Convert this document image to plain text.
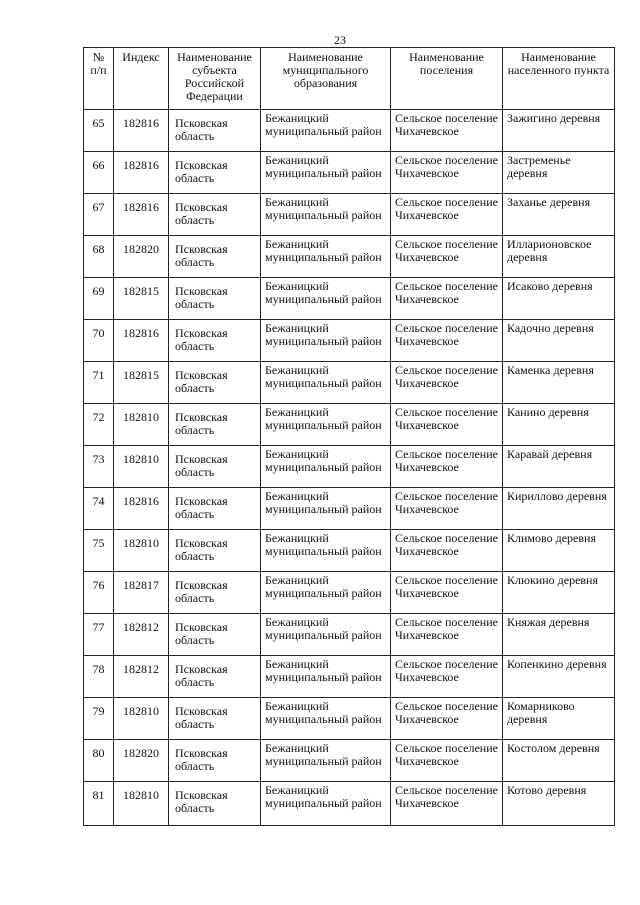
23
№ п/п	Индекс	Наименование субъекта Российской Федерации	Наименование муниципального образования	Наименование поселения	Наименование населенного пункта
65	182816	Псковская область	Бежаницкий муниципальный район	Сельское поселение Чихачевское	Зажигино деревня
66	182816	Псковская область	Бежаницкий муниципальный район	Сельское поселение Чихачевское	Застременье деревня
67	182816	Псковская область	Бежаницкий муниципальный район	Сельское поселение Чихачевское	Заханье деревня
68	182820	Псковская область	Бежаницкий муниципальный район	Сельское поселение Чихачевское	Илларионовское деревня
69	182815	Псковская область	Бежаницкий муниципальный район	Сельское поселение Чихачевское	Исаково деревня
70	182816	Псковская область	Бежаницкий муниципальный район	Сельское поселение Чихачевское	Кадочно деревня
71	182815	Псковская область	Бежаницкий муниципальный район	Сельское поселение Чихачевское	Каменка деревня
72	182810	Псковская область	Бежаницкий муниципальный район	Сельское поселение Чихачевское	Канино деревня
73	182810	Псковская область	Бежаницкий муниципальный район	Сельское поселение Чихачевское	Каравай деревня
74	182816	Псковская область	Бежаницкий муниципальный район	Сельское поселение Чихачевское	Кириллово деревня
75	182810	Псковская область	Бежаницкий муниципальный район	Сельское поселение Чихачевское	Климово деревня
76	182817	Псковская область	Бежаницкий муниципальный район	Сельское поселение Чихачевское	Клюкино деревня
77	182812	Псковская область	Бежаницкий муниципальный район	Сельское поселение Чихачевское	Княжая деревня
78	182812	Псковская область	Бежаницкий муниципальный район	Сельское поселение Чихачевское	Копенкино деревня
79	182810	Псковская область	Бежаницкий муниципальный район	Сельское поселение Чихачевское	Комарниково деревня
80	182820	Псковская область	Бежаницкий муниципальный район	Сельское поселение Чихачевское	Костолом деревня
81	182810	Псковская область	Бежаницкий муниципальный район	Сельское поселение Чихачевское	Котово деревня
